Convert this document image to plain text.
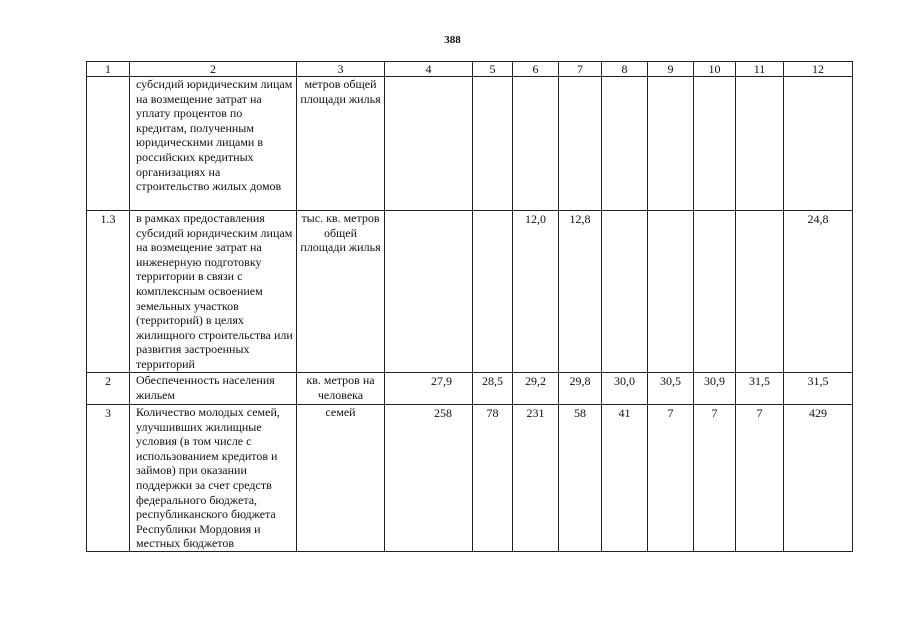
388
1	2	3	4	5	6	7	8	9	10	11	12
	субсидий юридическим лицам на возмещение затрат на уплату процентов по кредитам, полученным юридическими лицами в российских кредитных организациях на строительство жилых домов	метров общей площади жилья									
1.3	в рамках предоставления субсидий юридическим лицам на возмещение затрат на инженерную подготовку территории в связи с комплексным освоением земельных участков (территорий) в целях жилищного строительства или развития застроенных территорий	тыс. кв. метров общей площади жилья			12,0	12,8					24,8
2	Обеспеченность населения жильем	кв. метров на человека	27,9	28,5	29,2	29,8	30,0	30,5	30,9	31,5	31,5
3	Количество молодых семей, улучшивших жилищные условия (в том числе с использованием кредитов и займов) при оказании поддержки за счет средств федерального бюджета, республиканского бюджета Республики Мордовия и местных бюджетов	семей	258	78	231	58	41	7	7	7	429
